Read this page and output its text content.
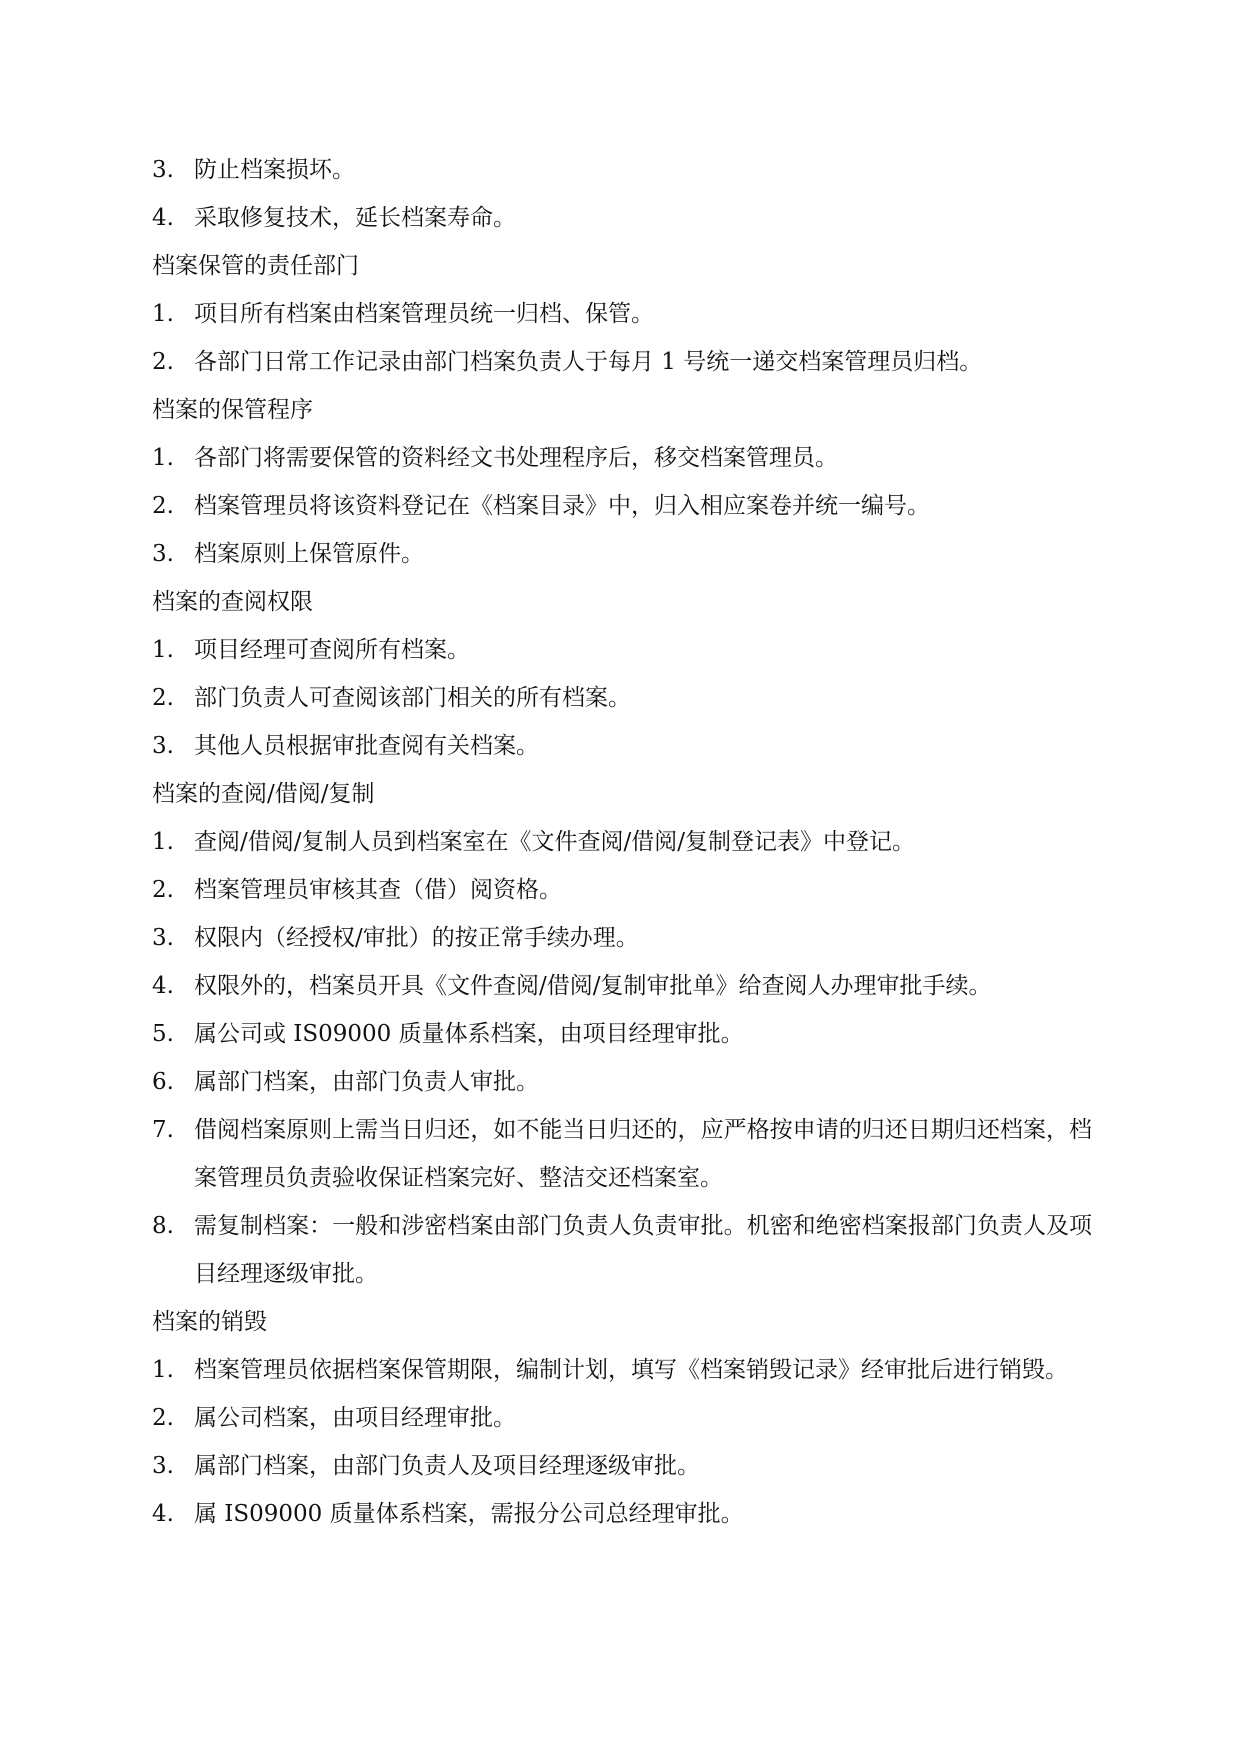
3. 防止档案损坏。
4. 采取修复技术，延长档案寿命。
档案保管的责任部门
1. 项目所有档案由档案管理员统一归档、保管。
2. 各部门日常工作记录由部门档案负责人于每月 1 号统一递交档案管理员归档。
档案的保管程序
1. 各部门将需要保管的资料经文书处理程序后，移交档案管理员。
2. 档案管理员将该资料登记在《档案目录》中，归入相应案卷并统一编号。
3. 档案原则上保管原件。
档案的查阅权限
1. 项目经理可查阅所有档案。
2. 部门负责人可查阅该部门相关的所有档案。
3. 其他人员根据审批查阅有关档案。
档案的查阅/借阅/复制
1. 查阅/借阅/复制人员到档案室在《文件查阅/借阅/复制登记表》中登记。
2. 档案管理员审核其查（借）阅资格。
3. 权限内（经授权/审批）的按正常手续办理。
4. 权限外的，档案员开具《文件查阅/借阅/复制审批单》给查阅人办理审批手续。
5. 属公司或 IS09000 质量体系档案，由项目经理审批。
6. 属部门档案，由部门负责人审批。
7. 借阅档案原则上需当日归还，如不能当日归还的，应严格按申请的归还日期归还档案，档案管理员负责验收保证档案完好、整洁交还档案室。
8. 需复制档案：一般和涉密档案由部门负责人负责审批。机密和绝密档案报部门负责人及项目经理逐级审批。
档案的销毁
1. 档案管理员依据档案保管期限，编制计划，填写《档案销毁记录》经审批后进行销毁。
2. 属公司档案，由项目经理审批。
3. 属部门档案，由部门负责人及项目经理逐级审批。
4. 属 IS09000 质量体系档案，需报分公司总经理审批。
